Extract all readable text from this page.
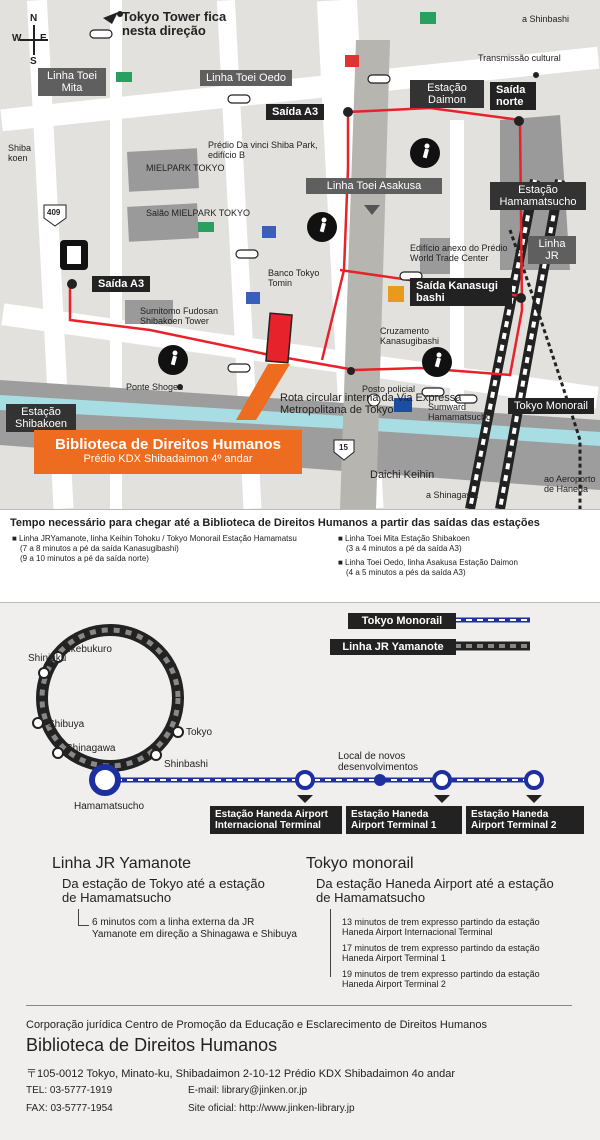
N
S
E
W
Tokyo Tower fica nesta direção
a Shinbashi
Transmissão cultural
Linha Toei Mita
Linha Toei Oedo
Linha Toei Asakusa
Linha JR
Estação Daimon
Estação Hamamatsucho
Estação Shibakoen
Saída A3
Saída A3
Saída norte
Saída Kanasugi bashi
Shiba koen
Prédio Da vinci Shiba Park, edifício B
MIELPARK TOKYO
Salão MIELPARK TOKYO
Banco Tokyo Tomin
Edifício anexo do Prédio World Trade Center
Sumitomo Fudosan Shibakoen Tower
Ponte Shogen
Cruzamento Kanasugibashi
Posto policial
Sumward Hamamatsucho
Tokyo Monorail
Rota circular interna da Via Expressa Metropolitana de Tokyo
Daichi Keihin
a Shinagawa
ao Aeroporto de Haneda
409
15
Biblioteca de Direitos Humanos
Prédio KDX Shibadaimon 4º andar
Tempo necessário para chegar até a Biblioteca de Direitos Humanos a partir das saídas das estações
■ Linha JRYamanote, linha Keihin Tohoku / Tokyo Monorail Estação Hamamatsu
(7 a 8 minutos a pé da saída Kanasugibashi)
(9 a 10 minutos a pé da saída norte)
■ Linha Toei Mita Estação Shibakoen
(3 a 4 minutos a pé da saída A3)
■ Linha Toei Oedo, linha Asakusa Estação Daimon
(4 a 5 minutos a pés da saída A3)
Tokyo Monorail
Linha JR Yamanote
Ikebukuro
Shinjuku
Shibuya
Shinagawa
Tokyo
Shinbashi
Hamamatsucho
Local de novos desenvolvimentos
Estação Haneda Airport Internacional Terminal
Estação Haneda Airport Terminal 1
Estação Haneda Airport Terminal 2
Linha JR Yamanote
Da estação de Tokyo até a estação de Hamamatsucho
6 minutos com a linha externa da JR Yamanote em direção a Shinagawa e Shibuya
Tokyo monorail
Da estação Haneda Airport até a estação de Hamamatsucho
13 minutos de trem expresso partindo da estação Haneda Airport Internacional Terminal
17 minutos de trem expresso partindo da estação Haneda Airport Terminal 1
19 minutos de trem expresso partindo da estação Haneda Airport Terminal 2
Corporação jurídica Centro de Promoção da Educação e Esclarecimento de Direitos Humanos
Biblioteca de Direitos Humanos
〒105-0012 Tokyo, Minato-ku, Shibadaimon 2-10-12 Prédio KDX Shibadaimon 4o andar
TEL: 03-5777-1919
FAX: 03-5777-1954
E-mail: library@jinken.or.jp
Site oficial: http://www.jinken-library.jp
